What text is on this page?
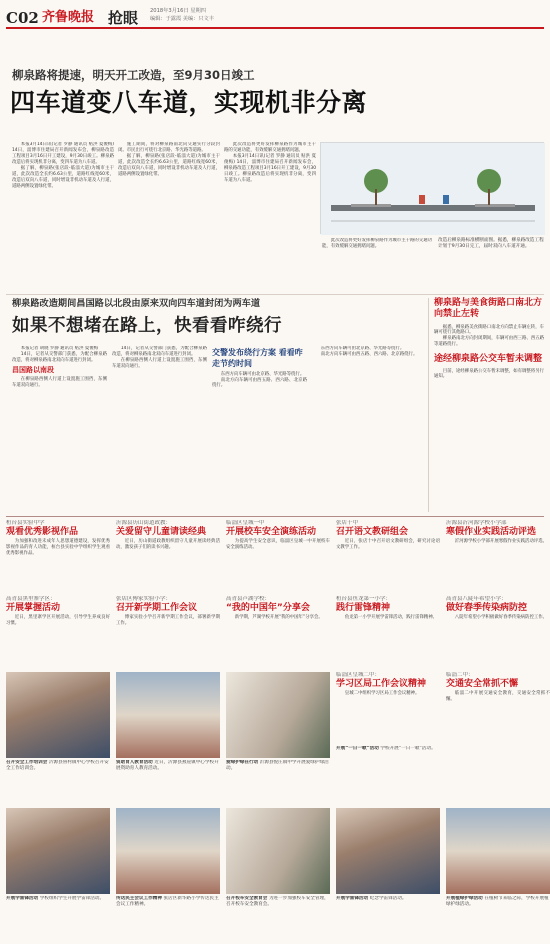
C02 齐鲁晚报 抢眼 2018年3月16日 星期四
编辑：于露霞 美编：只文丰
柳泉路将提速，明天开工改造，至9月30日竣工
四车道变八车道，实现机非分离

本报3月14日讯(记者 罗静 通讯员 贴洪 夏俊梅) 14日，淄博市住建局召开新闻发布会，柳泉路改造工程项目3月16日开工建设，9月30日竣工。柳泉路改造后将实现机非分离，变四车道为八车道。

据了解，柳泉路(张店段-临淄大道)为城市主干道，此次改造全长约6.63公里，道路红线宽60米，改造后双向八车道，同时增设非机动车道及人行道，道路两侧设置绿化带。

施工期间，将对柳泉路南北向交通实行分段封闭。市民出行可绕行北京路、华光路等道路。

据了解，柳泉路(张店段-临淄大道)为城市主干道，此次改造全长约6.63公里，道路红线宽60米，改造后双向八车道，同时增设非机动车道及人行道，道路两侧设置绿化带。

此次改造将更好发挥柳泉路作为城市主干路的交通功能，有效缓解交通拥堵问题。

本报3月14日讯(记者 罗静 通讯员 贴洪 夏俊梅) 14日，淄博市住建局召开新闻发布会，柳泉路改造工程项目3月16日开工建设，9月30日竣工。柳泉路改造后将实现机非分离，变四车道为八车道。

此次改造将更好发挥柳泉路作为城市主干路的交通功能，有效缓解交通拥堵问题。

改造后柳泉路标准横断面图。据悉，柳泉路改造工程计划于9月30日完工，届时双向八车道开通。
柳泉路改造期间昌国路以北段由原来双向四车道封闭为两车道
如果不想堵在路上，快看看咋绕行

本报记者 胡晓 罗静 通讯员 贴洪 夏俊梅

14日，记者从交警部门获悉，为配合柳泉路改造，将对柳泉路南北双向车道进行封闭。

昌国路以南段

在柳泉路西侧人行道上设置施工围挡，东侧车道双向通行。

14日，记者从交警部门获悉，为配合柳泉路改造，将对柳泉路南北双向车道进行封闭。

在柳泉路西侧人行道上设置施工围挡，东侧车道双向通行。

交警发布绕行方案 看看咋走节约时间

东西方向车辆可由北京路、华光路等绕行。

南北方向车辆可由西五路、西六路、北京路绕行。

东西方向车辆可由北京路、华光路等绕行。

南北方向车辆可由西五路、西六路、北京路绕行。

柳泉路与美食街路口南北方向禁止左转

据悉，柳泉路美食街路口南北方向禁止车辆左转，车辆可绕行其他路口。

柳泉路南北方向封闭期间，车辆可由西三路、西五路等道路绕行。

途经柳泉路公交车暂未调整

目前，途经柳泉路公交车暂未调整，如有调整将另行通知。

桓台县实验中学
观看优秀影视作品

为加强和改进未成年人思想道德建设，发挥优秀影视作品的育人功能，桓台县实验中学组织学生观看优秀影视作品。

沂源县历山街道政教：
关爱留守儿童请读经典

近日，历山街道政教组织留守儿童开展读经典活动，激发孩子们的读书兴趣。

临淄区皇城一中
开展校车安全演练活动

为提高学生安全意识，临淄区皇城一中开展校车安全演练活动。

张店十中
召开语文教研组会

近日，张店十中召开语文教研组会，研究讨论语文教学工作。

沂源县沂河源学校小学部
寒假作业实践活动评选

沂河源学校小学部开展寒假作业实践活动评选。

高青县黑里寨学区：
开展掌握活动

近日，黑里寨学区开展活动，引导学生养成良好习惯。

张店区傅家实验小学：
召开新学期工作会议

傅家实验小学召开新学期工作会议，部署新学期工作。

高青县芦湖学校：
“我的中国年”分享会

新学期，芦湖学校开展“我的中国年”分享会。

桓台县鱼龙第一小学：
践行雷锋精神

鱼龙第一小学开展学雷锋活动，践行雷锋精神。

高青县八陡年希望小学：
做好春季传染病防控

八陡年希望小学积极做好春季传染病防控工作。

临淄区皇城二中：
学习区局工作会议精神

皇城二中组织学习区局工作会议精神。

临淄二中：
交通安全常抓不懈

临淄二中开展交通安全教育，交通安全常抓不懈。

召开安全工作培训会 沂源县鲁村镇中心学校召开安全工作培训会。
资助育人教育活动 近日，沂源县燕崖镇中心学校开展资助育人教育活动。
爱绿护绿在行动 沂源县悦庄镇中学开展爱绿护绿活动。
开展学雷锋活动 学校组织学生开展学雷锋活动。	传达民主会议工作精神 张店区新华路小学传达民主会议工作精神。
召开校车安全教育会 为进一步加强校车安全管理，召开校车安全教育会。
开展学雷锋活动 纪念学雷锋活动。	开展植绿护绿活动 在植树节来临之际，学校开展植绿护绿活动。
开展“一日一歌”活动 学校开展“一日一歌”活动。
